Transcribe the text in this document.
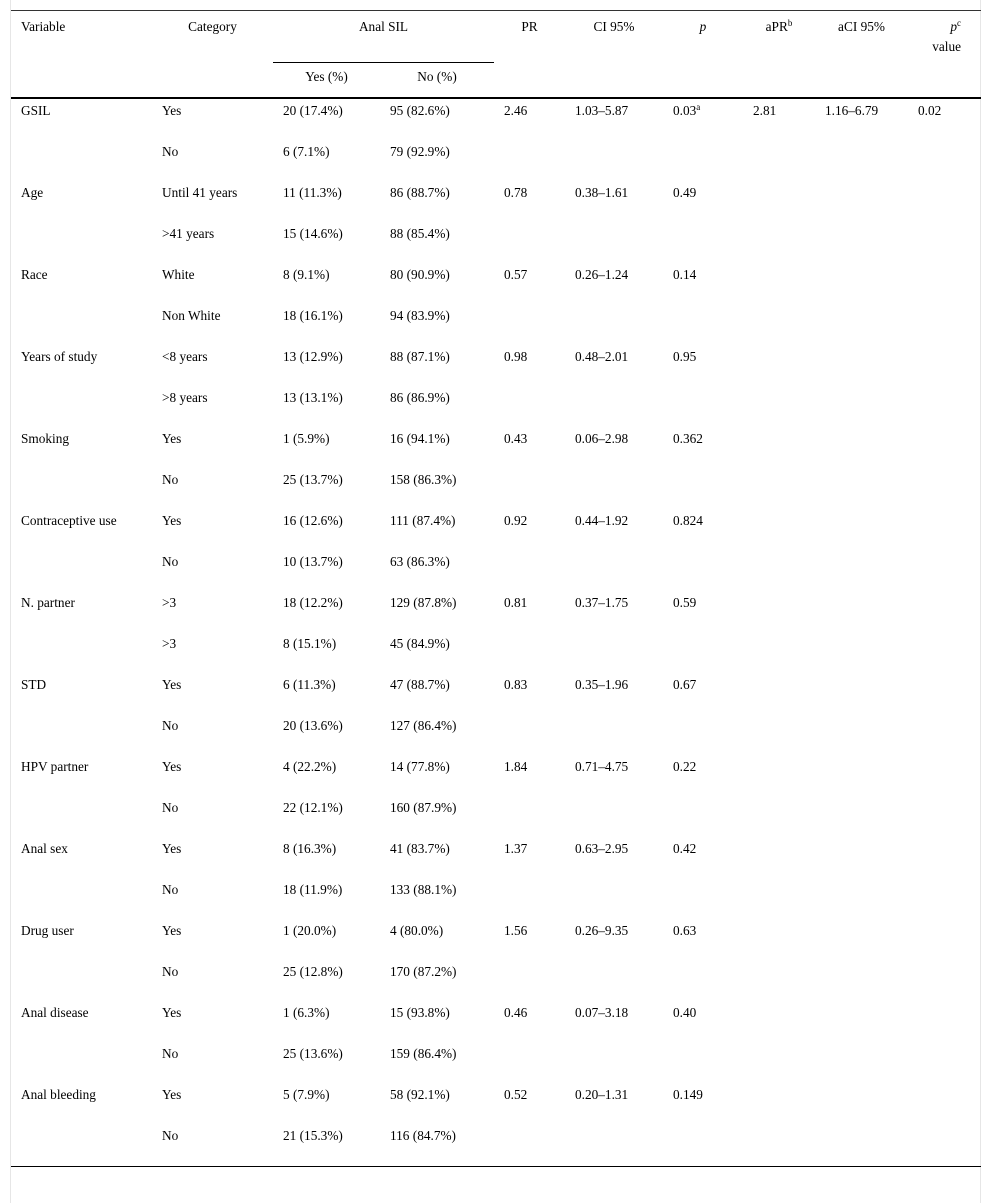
Variable	Category	Anal SIL		PR	CI 95%	p	aPR$^b$	aCI 95%	$p^c$
value
		Yes (%)	No (%)						
GSIL	Yes	20 (17.4%)	95 (82.6%)	2.46	1.03–5.87	0.03$^a$	2.81	1.16–6.79	0.02
	No	6 (7.1%)	79 (92.9%)						
Age	Until 41 years	11 (11.3%)	86 (88.7%)	0.78	0.38–1.61	0.49			
	>41 years	15 (14.6%)	88 (85.4%)						
Race	White	8 (9.1%)	80 (90.9%)	0.57	0.26–1.24	0.14			
	Non White	18 (16.1%)	94 (83.9%)						
Years of study	<8 years	13 (12.9%)	88 (87.1%)	0.98	0.48–2.01	0.95			
	>8 years	13 (13.1%)	86 (86.9%)						
Smoking	Yes	1 (5.9%)	16 (94.1%)	0.43	0.06–2.98	0.362			
	No	25 (13.7%)	158 (86.3%)						
Contraceptive use	Yes	16 (12.6%)	111 (87.4%)	0.92	0.44–1.92	0.824			
	No	10 (13.7%)	63 (86.3%)						
N. partner	>3	18 (12.2%)	129 (87.8%)	0.81	0.37–1.75	0.59			
	>3	8 (15.1%)	45 (84.9%)						
STD	Yes	6 (11.3%)	47 (88.7%)	0.83	0.35–1.96	0.67			
	No	20 (13.6%)	127 (86.4%)						
HPV partner	Yes	4 (22.2%)	14 (77.8%)	1.84	0.71–4.75	0.22			
	No	22 (12.1%)	160 (87.9%)						
Anal sex	Yes	8 (16.3%)	41 (83.7%)	1.37	0.63–2.95	0.42			
	No	18 (11.9%)	133 (88.1%)						
Drug user	Yes	1 (20.0%)	4 (80.0%)	1.56	0.26–9.35	0.63			
	No	25 (12.8%)	170 (87.2%)						
Anal disease	Yes	1 (6.3%)	15 (93.8%)	0.46	0.07–3.18	0.40			
	No	25 (13.6%)	159 (86.4%)						
Anal bleeding	Yes	5 (7.9%)	58 (92.1%)	0.52	0.20–1.31	0.149			
	No	21 (15.3%)	116 (84.7%)						
